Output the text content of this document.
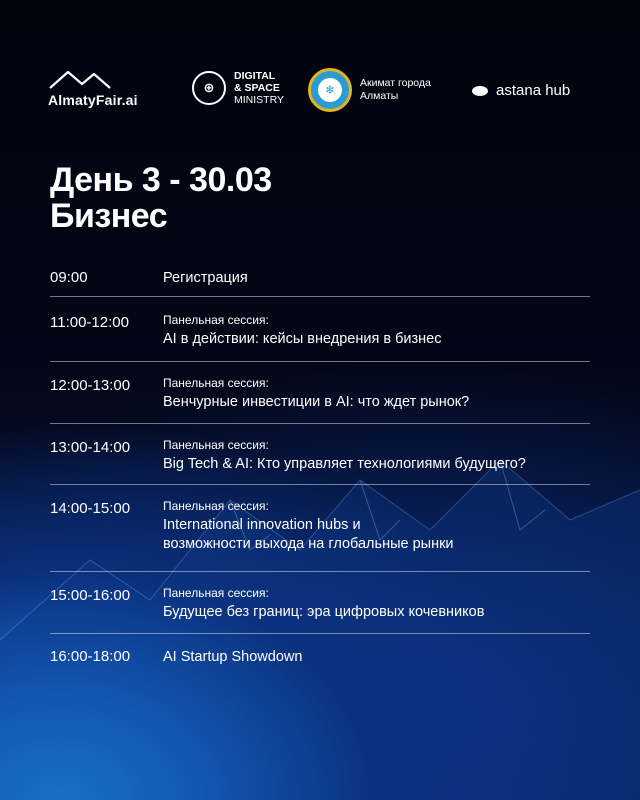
AlmatyFair.ai
⊕
DIGITAL
& SPACE
MINISTRY
❄	Акимат города
Алматы	astana hub
День 3 - 30.03
Бизнес
09:00	Регистрация
11:00-12:00	Панельная сессия:
AI в действии: кейсы внедрения в бизнес
12:00-13:00	Панельная сессия:
Венчурные инвестиции в AI: что ждет рынок?
13:00-14:00	Панельная сессия:
Big Tech & AI: Кто управляет технологиями будущего?
14:00-15:00	Панельная сессия:
International innovation hubs и
возможности выхода на глобальные рынки
15:00-16:00	Панельная сессия:
Будущее без границ: эра цифровых кочевников
16:00-18:00 AI Startup Showdown
